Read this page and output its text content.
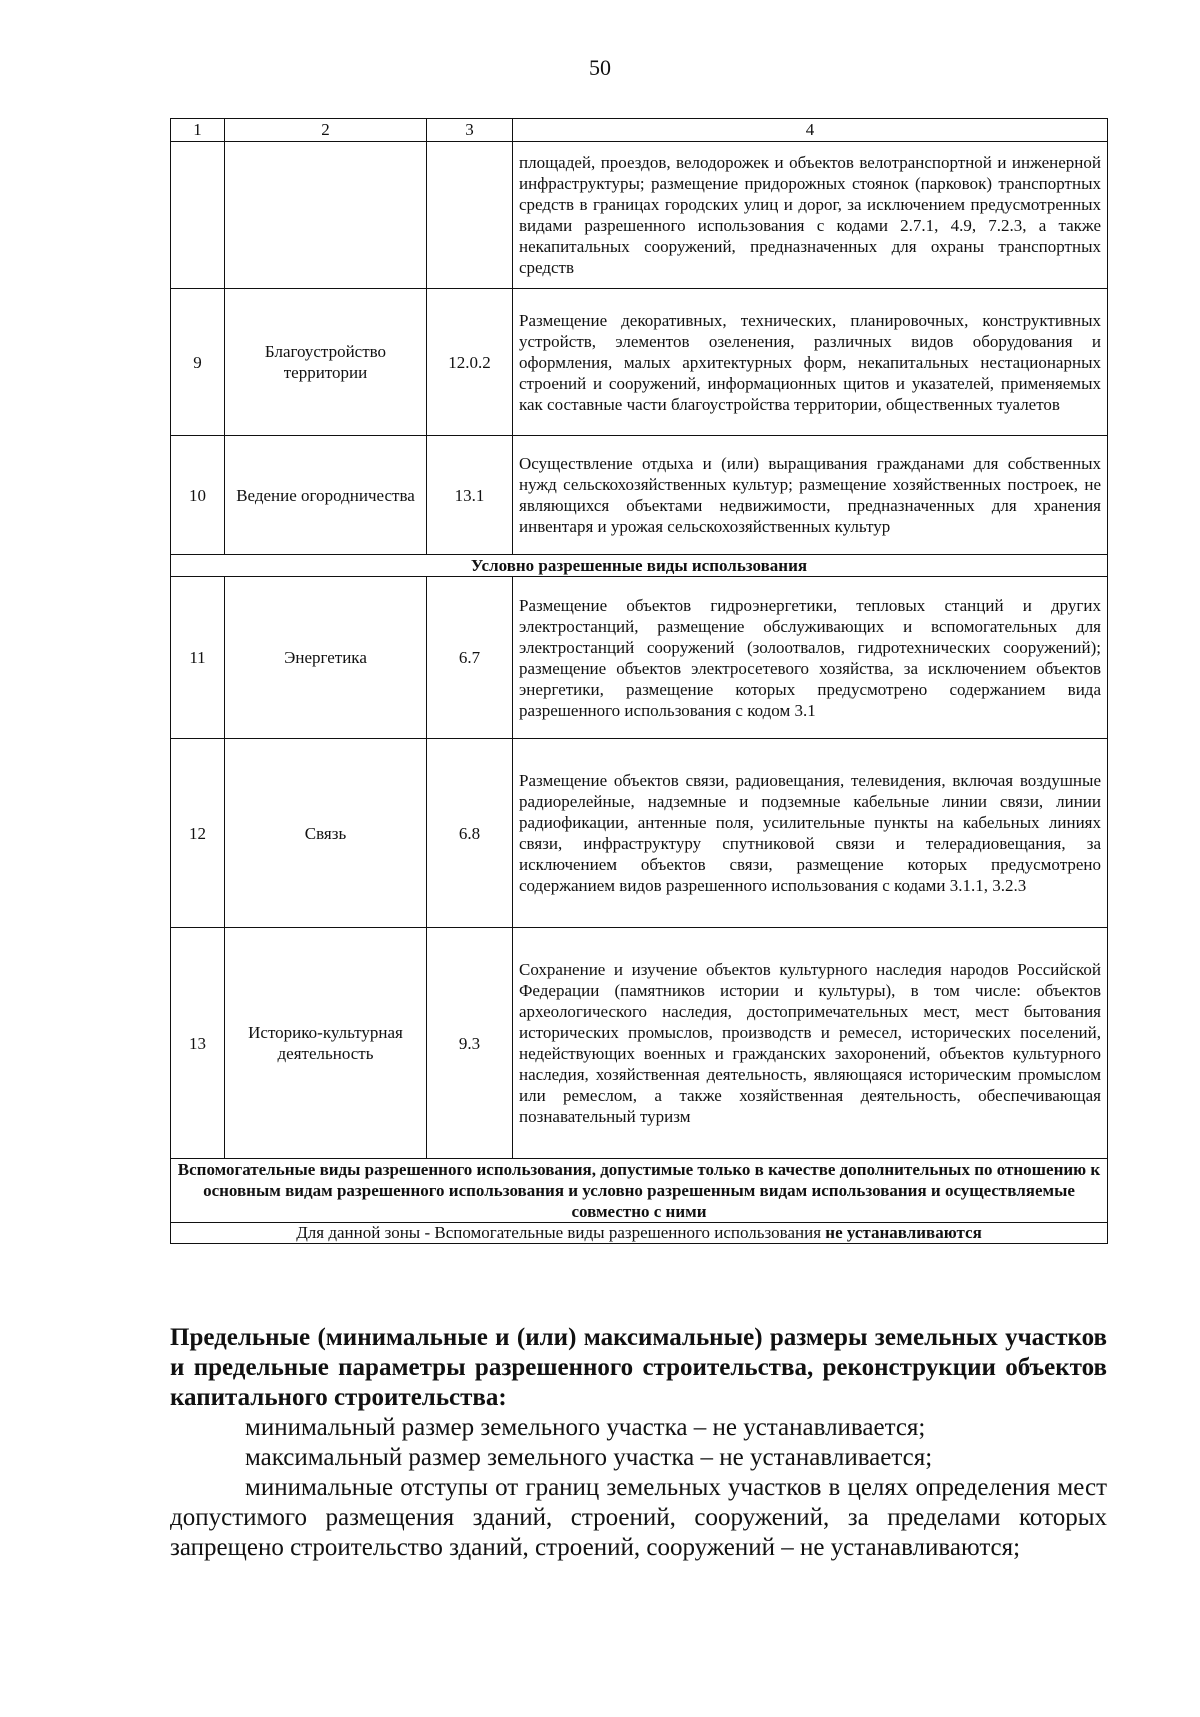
50
1	2	3	4
			площадей, проездов, велодорожек и объектов велотранспортной и инженерной инфраструктуры; размещение придорожных стоянок (парковок) транспортных средств в границах городских улиц и дорог, за исключением предусмотренных видами разрешенного использования с кодами 2.7.1, 4.9, 7.2.3, а также некапитальных сооружений, предназначенных для охраны транспортных средств
9	Благоустройство территории	12.0.2	Размещение декоративных, технических, планировочных, конструктивных устройств, элементов озеленения, различных видов оборудования и оформления, малых архитектурных форм, некапитальных нестационарных строений и сооружений, информационных щитов и указателей, применяемых как составные части благоустройства территории, общественных туалетов
10	Ведение огородничества	13.1	Осуществление отдыха и (или) выращивания гражданами для собственных нужд сельскохозяйственных культур; размещение хозяйственных построек, не являющихся объектами недвижимости, предназначенных для хранения инвентаря и урожая сельскохозяйственных культур
Условно разрешенные виды использования			
11	Энергетика	6.7	Размещение объектов гидроэнергетики, тепловых станций и других электростанций, размещение обслуживающих и вспомогательных для электростанций сооружений (золоотвалов, гидротехнических сооружений); размещение объектов электросетевого хозяйства, за исключением объектов энергетики, размещение которых предусмотрено содержанием вида разрешенного использования с кодом 3.1
12	Связь	6.8	Размещение объектов связи, радиовещания, телевидения, включая воздушные радиорелейные, надземные и подземные кабельные линии связи, линии радиофикации, антенные поля, усилительные пункты на кабельных линиях связи, инфраструктуру спутниковой связи и телерадиовещания, за исключением объектов связи, размещение которых предусмотрено содержанием видов разрешенного использования с кодами 3.1.1, 3.2.3
13	Историко-культурная деятельность	9.3	Сохранение и изучение объектов культурного наследия народов Российской Федерации (памятников истории и культуры), в том числе: объектов археологического наследия, достопримечательных мест, мест бытования исторических промыслов, производств и ремесел, исторических поселений, недействующих военных и гражданских захоронений, объектов культурного наследия, хозяйственная деятельность, являющаяся историческим промыслом или ремеслом, а также хозяйственная деятельность, обеспечивающая познавательный туризм
Вспомогательные виды разрешенного использования, допустимые только в качестве дополнительных по отношению к основным видам разрешенного использования и условно разрешенным видам использования и осуществляемые совместно с ними			
Для данной зоны - Вспомогательные виды разрешенного использования не устанавливаются			
Предельные (минимальные и (или) максимальные) размеры земельных участков и предельные параметры разрешенного строительства, реконструкции объектов капитального строительства:
минимальный размер земельного участка – не устанавливается;
максимальный размер земельного участка – не устанавливается;
минимальные отступы от границ земельных участков в целях определения мест допустимого размещения зданий, строений, сооружений, за пределами которых запрещено строительство зданий, строений, сооружений – не устанавливаются;
